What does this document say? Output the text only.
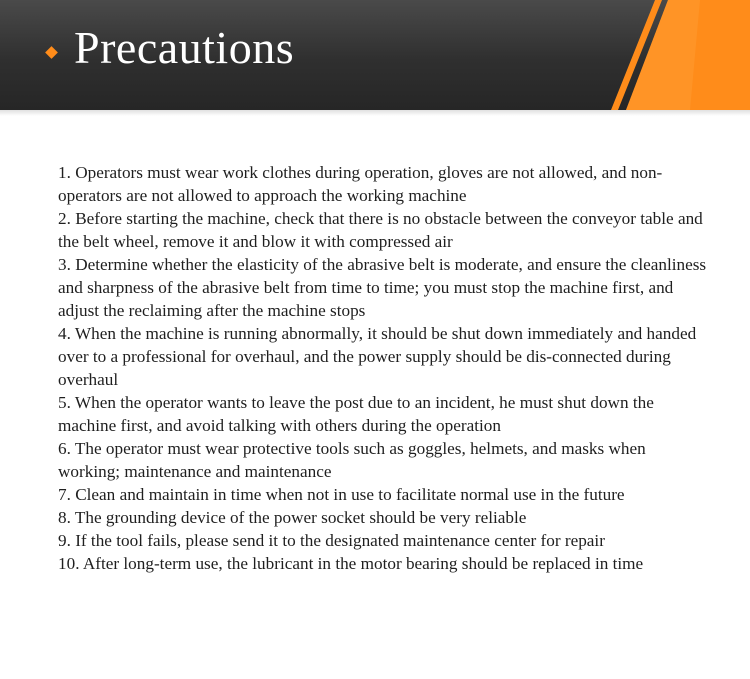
Precautions

1. Operators must wear work clothes during operation, gloves are not allowed, and non-operators are not allowed to approach the working machine

2. Before starting the machine, check that there is no obstacle between the conveyor table and the belt wheel, remove it and blow it with compressed air

3. Determine whether the elasticity of the abrasive belt is moderate, and ensure the cleanliness and sharpness of the abrasive belt from time to time; you must stop the machine first, and adjust the reclaiming after the machine stops

4. When the machine is running abnormally, it should be shut down immediately and handed over to a professional for overhaul, and the power supply should be dis-connected during overhaul

5. When the operator wants to leave the post due to an incident, he must shut down the machine first, and avoid talking with others during the operation

6. The operator must wear protective tools such as goggles, helmets, and masks when working; maintenance and maintenance

7. Clean and maintain in time when not in use to facilitate normal use in the future

8. The grounding device of the power socket should be very reliable

9. If the tool fails, please send it to the designated maintenance center for repair

10. After long-term use, the lubricant in the motor bearing should be replaced in time
